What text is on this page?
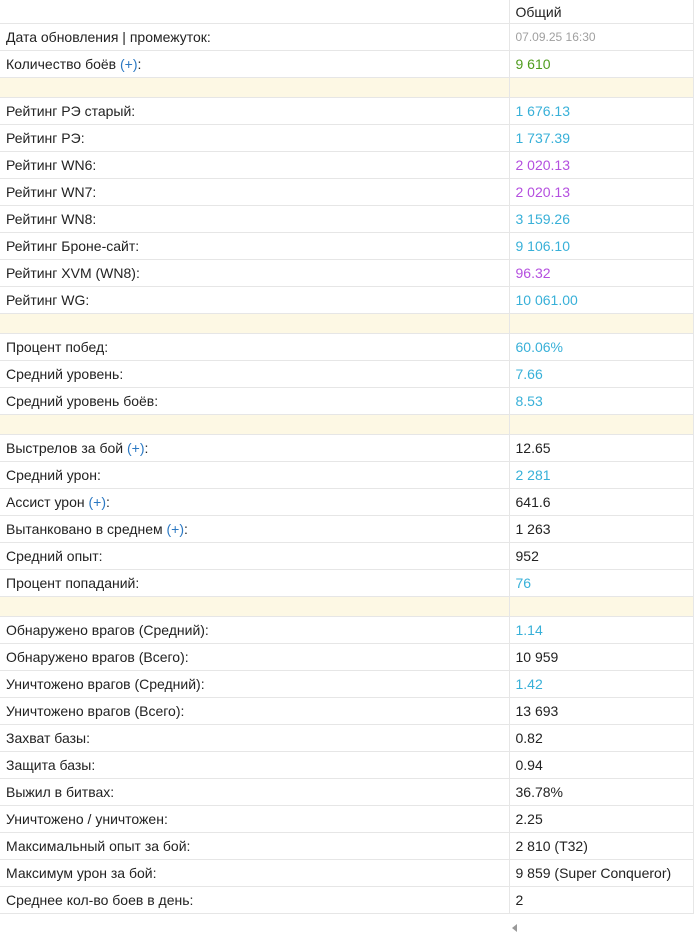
	Общий
Дата обновления | промежуток:	07.09.25 16:30
Количество боёв (+):	9 610

Рейтинг РЭ старый:	1 676.13
Рейтинг РЭ:	1 737.39
Рейтинг WN6:	2 020.13
Рейтинг WN7:	2 020.13
Рейтинг WN8:	3 159.26
Рейтинг Броне-сайт:	9 106.10
Рейтинг XVM (WN8):	96.32
Рейтинг WG:	10 061.00

Процент побед:	60.06%
Средний уровень:	7.66
Средний уровень боёв:	8.53

Выстрелов за бой (+):	12.65
Средний урон:	2 281
Ассист урон (+):	641.6
Вытанковано в среднем (+):	1 263
Средний опыт:	952
Процент попаданий:	76

Обнаружено врагов (Средний):	1.14
Обнаружено врагов (Всего):	10 959
Уничтожено врагов (Средний):	1.42
Уничтожено врагов (Всего):	13 693
Захват базы:	0.82
Защита базы:	0.94
Выжил в битвах:	36.78%
Уничтожено / уничтожен:	2.25
Максимальный опыт за бой:	2 810 (T32)
Максимум урон за бой:	9 859 (Super Conqueror)
Среднее кол-во боев в день:	2
